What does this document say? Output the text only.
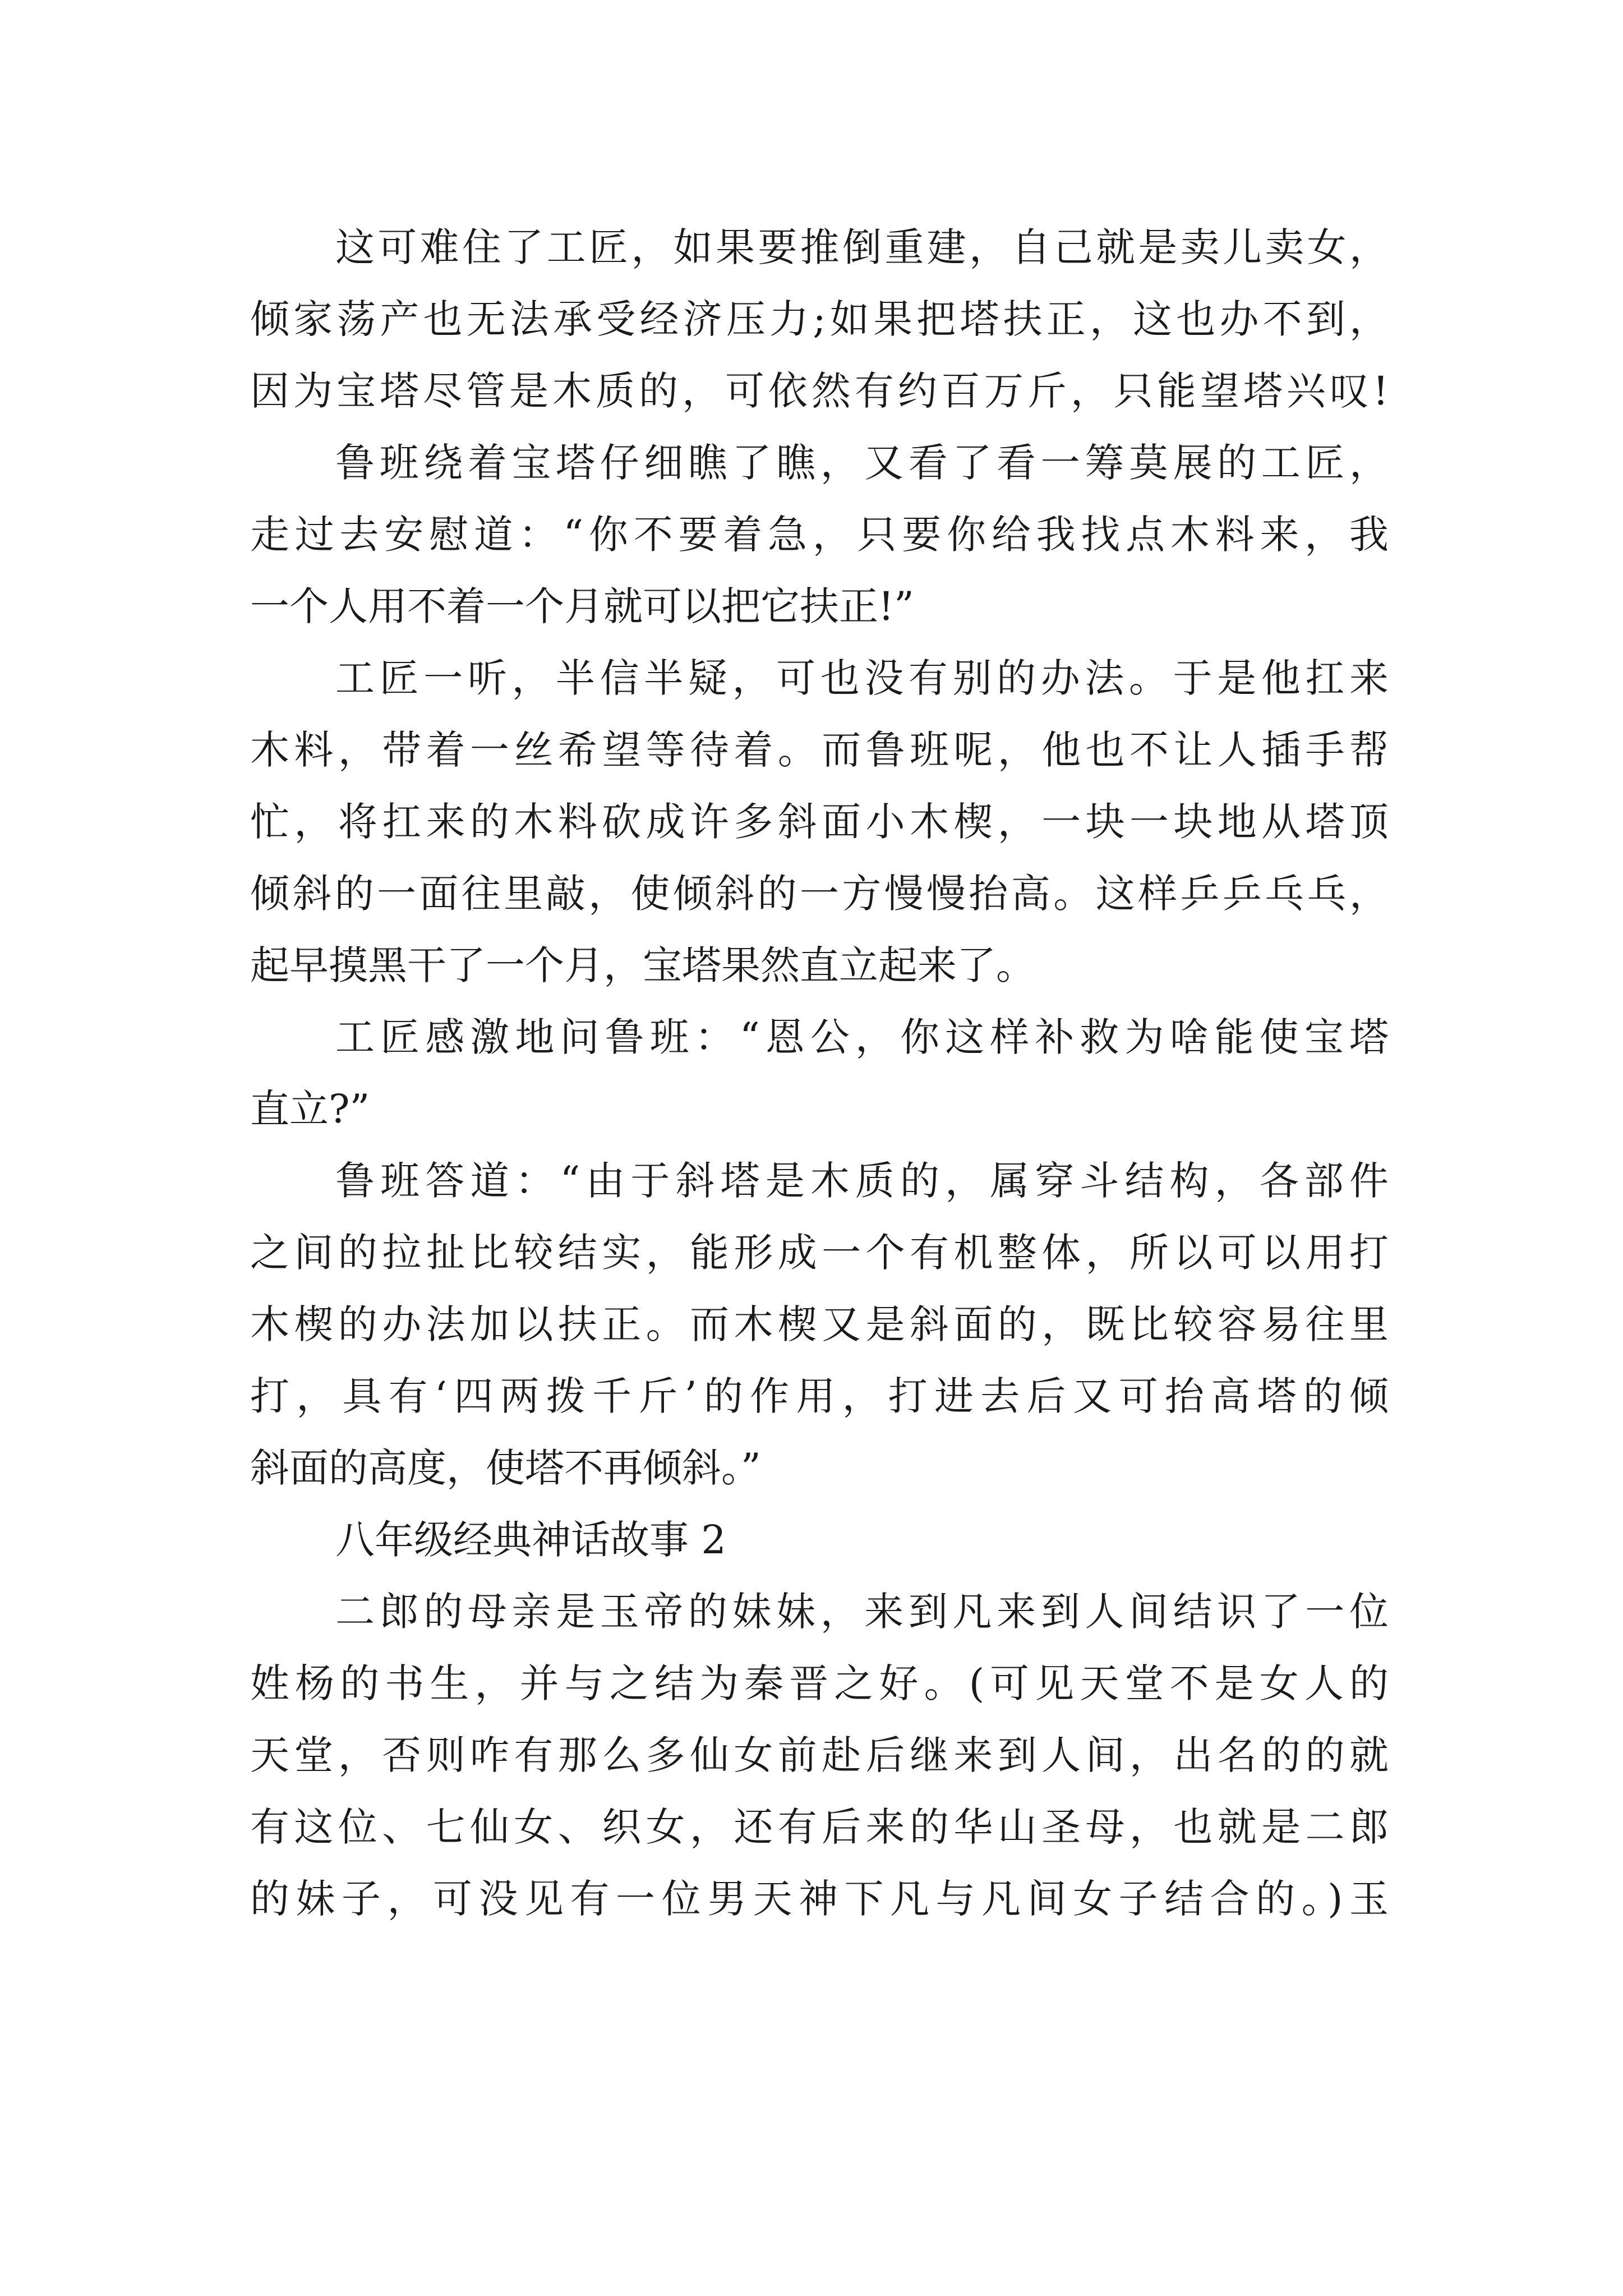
这可难住了工匠，如果要推倒重建，自己就是卖儿卖女，
倾家荡产也无法承受经济压力;如果把塔扶正，这也办不到，
因为宝塔尽管是木质的，可依然有约百万斤，只能望塔兴叹!
鲁班绕着宝塔仔细瞧了瞧，又看了看一筹莫展的工匠，
走过去安慰道：“你不要着急，只要你给我找点木料来，我
一个人用不着一个月就可以把它扶正!”
工匠一听，半信半疑，可也没有别的办法。于是他扛来
木料，带着一丝希望等待着。而鲁班呢，他也不让人插手帮
忙，将扛来的木料砍成许多斜面小木楔，一块一块地从塔顶
倾斜的一面往里敲，使倾斜的一方慢慢抬高。这样乒乒乓乓，
起早摸黑干了一个月，宝塔果然直立起来了。
工匠感激地问鲁班：“恩公，你这样补救为啥能使宝塔
直立?”
鲁班答道：“由于斜塔是木质的，属穿斗结构，各部件
之间的拉扯比较结实，能形成一个有机整体，所以可以用打
木楔的办法加以扶正。而木楔又是斜面的，既比较容易往里
打，具有‘四两拨千斤’的作用，打进去后又可抬高塔的倾
斜面的高度，使塔不再倾斜。”
八年级经典神话故事 2
二郎的母亲是玉帝的妹妹，来到凡来到人间结识了一位
姓杨的书生，并与之结为秦晋之好。(可见天堂不是女人的
天堂，否则咋有那么多仙女前赴后继来到人间，出名的的就
有这位、七仙女、织女，还有后来的华山圣母，也就是二郎
的妹子，可没见有一位男天神下凡与凡间女子结合的。)玉
